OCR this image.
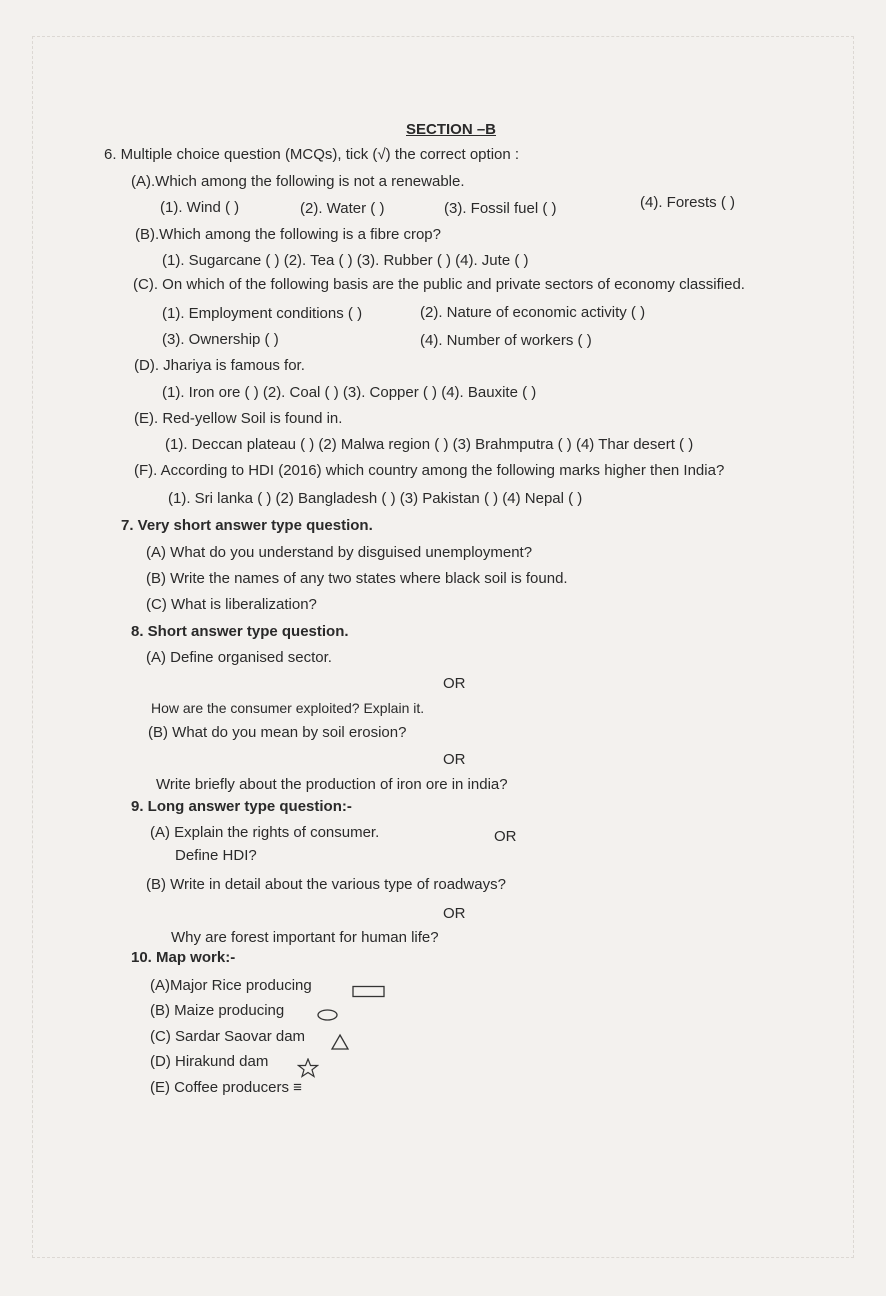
SECTION –B
6. Multiple choice question (MCQs), tick (√) the correct option :
(A).Which among the following is not a renewable.
(1). Wind ( )	(2). Water ( )	(3). Fossil fuel ( )	(4). Forests ( )
(B).Which among the following is a fibre crop?
(1). Sugarcane ( ) (2). Tea ( ) (3). Rubber ( ) (4). Jute ( )
(C). On which of the following basis are the public and private sectors of economy classified.
(1). Employment conditions ( )	(2). Nature of economic activity ( )
(3). Ownership ( )	(4). Number of workers ( )
(D). Jhariya is famous for.
(1). Iron ore ( ) (2). Coal ( ) (3). Copper ( ) (4). Bauxite ( )
(E). Red-yellow Soil is found in.
(1). Deccan plateau ( ) (2) Malwa region ( ) (3) Brahmputra ( ) (4) Thar desert ( )
(F). According to HDI (2016) which country among the following marks higher then India?
(1). Sri lanka ( ) (2) Bangladesh ( ) (3) Pakistan ( ) (4) Nepal ( )
7. Very short answer type question.
(A) What do you understand by disguised unemployment?
(B) Write the names of any two states where black soil is found.
(C) What is liberalization?
8. Short answer type question.
(A) Define organised sector.
OR
How are the consumer exploited? Explain it.
(B) What do you mean by soil erosion?
OR
Write briefly about the production of iron ore in india?
9. Long answer type question:-
(A) Explain the rights of consumer.	OR
Define HDI?
(B) Write in detail about the various type of roadways?
OR
Why are forest important for human life?
10. Map work:-
(A)Major Rice producing
(B) Maize producing
(C) Sardar Saovar dam
(D) Hirakund dam
(E) Coffee producers ≡
